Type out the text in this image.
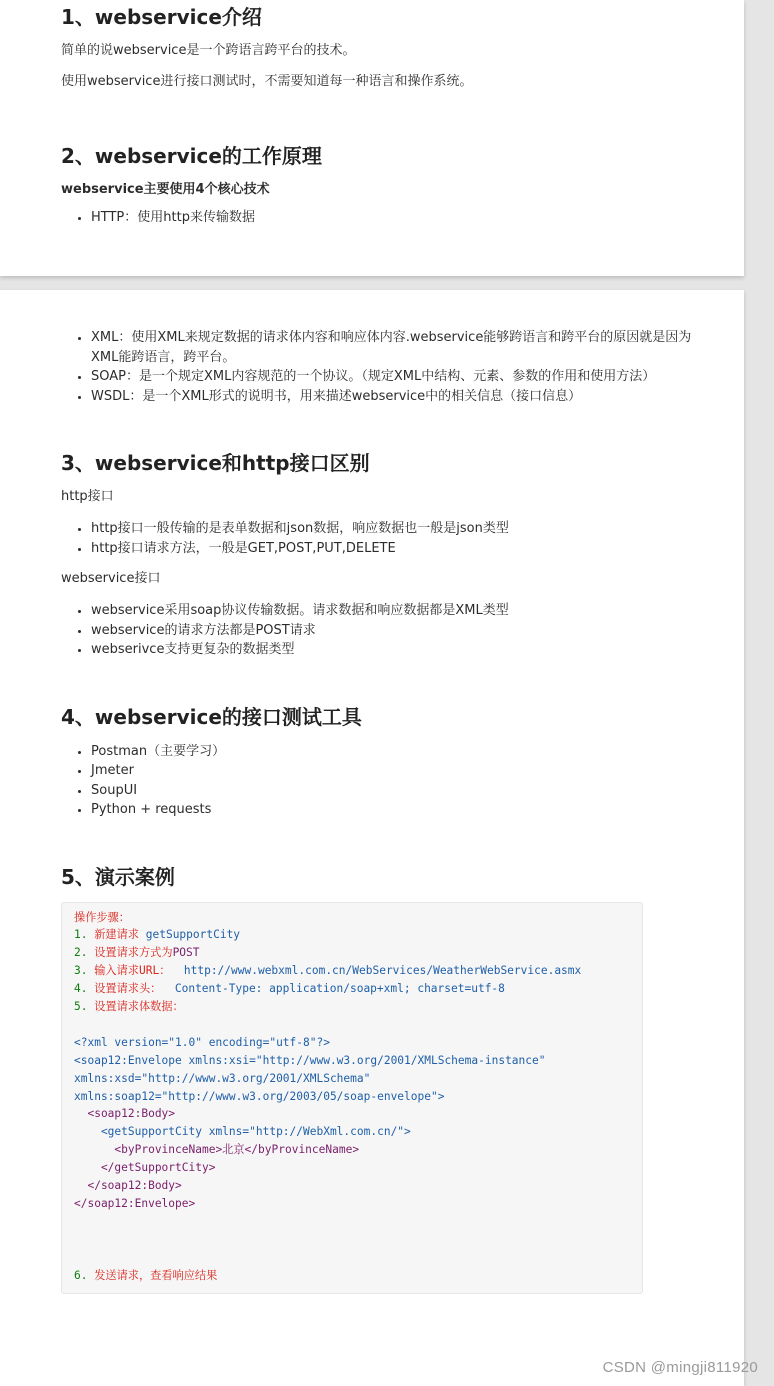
1、webservice介绍

简单的说webservice是一个跨语言跨平台的技术。

使用webservice进行接口测试时，不需要知道每一种语言和操作系统。

2、webservice的工作原理

webservice主要使用4个核心技术

• HTTP：使用http来传输数据
• XML：使用XML来规定数据的请求体内容和响应体内容.webservice能够跨语言和跨平台的原因就是因为XML能跨语言，跨平台。
• SOAP：是一个规定XML内容规范的一个协议。（规定XML中结构、元素、参数的作用和使用方法）
• WSDL：是一个XML形式的说明书，用来描述webservice中的相关信息（接口信息）
3、webservice和http接口区别

http接口

• http接口一般传输的是表单数据和json数据，响应数据也一般是json类型
• http接口请求方法，一般是GET,POST,PUT,DELETE

webservice接口

• webservice采用soap协议传输数据。请求数据和响应数据都是XML类型
• webservice的请求方法都是POST请求
• webserivce支持更复杂的数据类型
4、webservice的接口测试工具
• Postman（主要学习）
• Jmeter
• SoupUI
• Python + requests
5、演示案例
操作步骤：
1. 新建请求 getSupportCity
2. 设置请求方式为POST
3. 输入请求URL： http://www.webxml.com.cn/WebServices/WeatherWebService.asmx
4. 设置请求头： Content-Type: application/soap+xml; charset=utf-8
5. 设置请求体数据：

<?xml version="1.0" encoding="utf-8"?>
<soap12:Envelope xmlns:xsi="http://www.w3.org/2001/XMLSchema-instance"
xmlns:xsd="http://www.w3.org/2001/XMLSchema"
xmlns:soap12="http://www.w3.org/2003/05/soap-envelope">
<soap12:Body>
<getSupportCity xmlns="http://WebXml.com.cn/">
<byProvinceName>北京</byProvinceName>
</getSupportCity>
</soap12:Body>
</soap12:Envelope>

6. 发送请求，查看响应结果
CSDN @mingji811920
